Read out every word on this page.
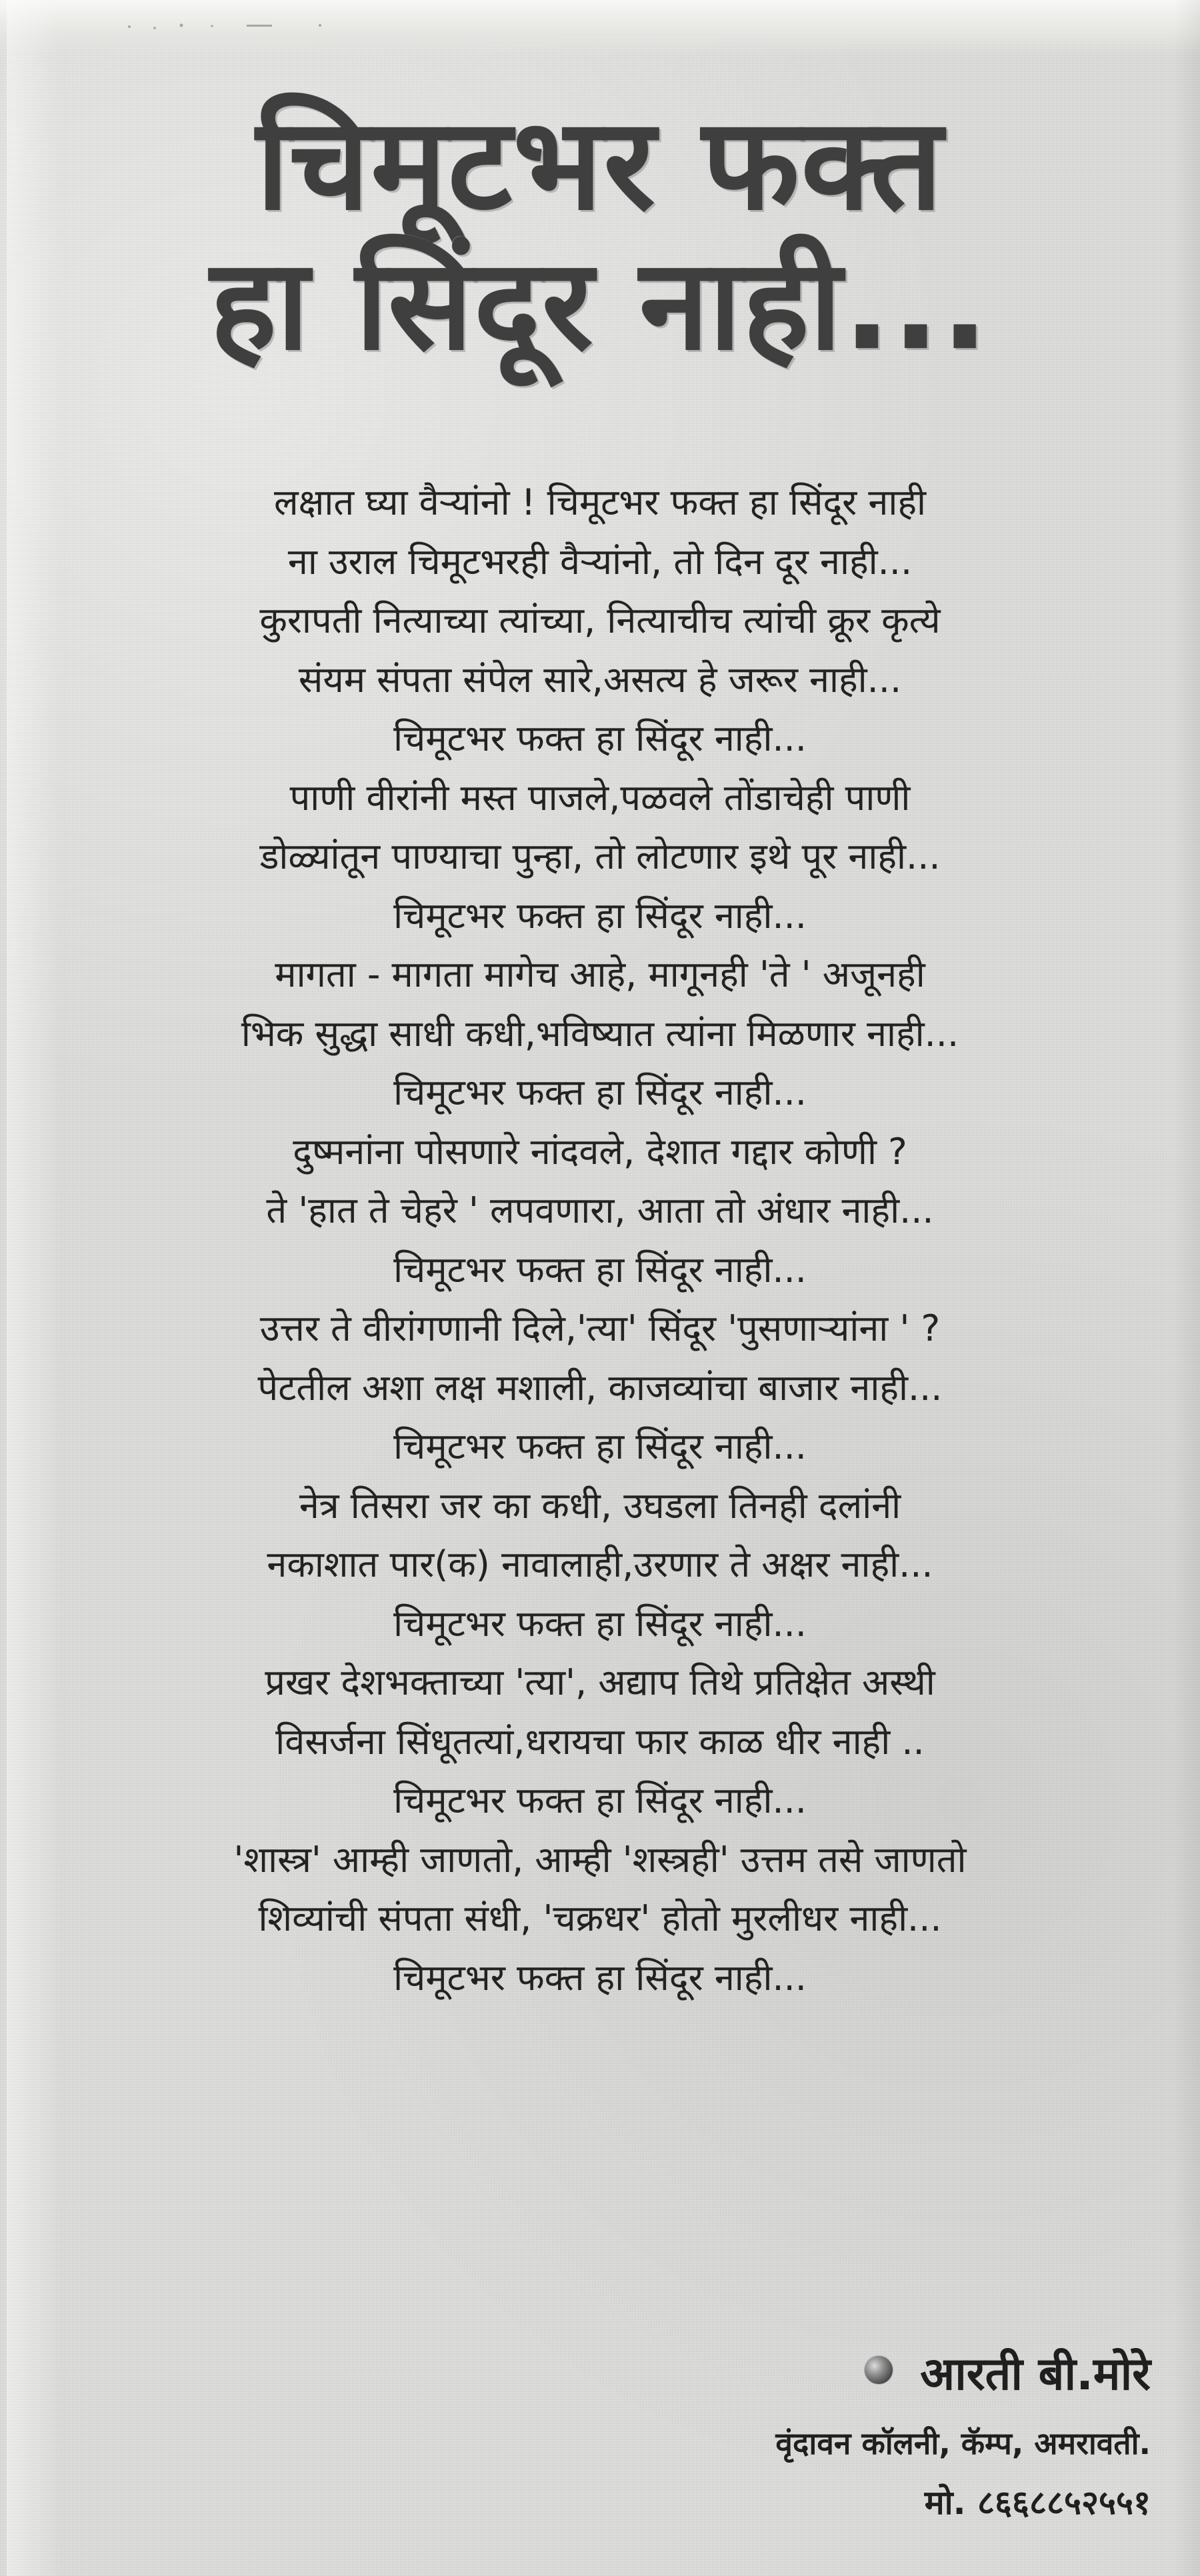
चिमूटभर फक्त
हा सिंदूर नाही...
लक्षात घ्या वैऱ्यांनो ! चिमूटभर फक्त हा सिंदूर नाही
ना उराल चिमूटभरही वैऱ्यांनो, तो दिन दूर नाही...
कुरापती नित्याच्या त्यांच्या, नित्याचीच त्यांची क्रूर कृत्ये
संयम संपता संपेल सारे,असत्य हे जरूर नाही...
चिमूटभर फक्त हा सिंदूर नाही...
पाणी वीरांनी मस्त पाजले,पळवले तोंडाचेही पाणी
डोळ्यांतून पाण्याचा पुन्हा, तो लोटणार इथे पूर नाही...
चिमूटभर फक्त हा सिंदूर नाही...
मागता - मागता मागेच आहे, मागूनही 'ते ' अजूनही
भिक सुद्धा साधी कधी,भविष्यात त्यांना मिळणार नाही...
चिमूटभर फक्त हा सिंदूर नाही...
दुष्मनांना पोसणारे नांदवले, देशात गद्दार कोणी ?
ते 'हात ते चेहरे ' लपवणारा, आता तो अंधार नाही...
चिमूटभर फक्त हा सिंदूर नाही...
उत्तर ते वीरांगणानी दिले,'त्या' सिंदूर 'पुसणाऱ्यांना ' ?
पेटतील अशा लक्ष मशाली, काजव्यांचा बाजार नाही...
चिमूटभर फक्त हा सिंदूर नाही...
नेत्र तिसरा जर का कधी, उघडला तिनही दलांनी
नकाशात पार(क) नावालाही,उरणार ते अक्षर नाही...
चिमूटभर फक्त हा सिंदूर नाही...
प्रखर देशभक्ताच्या 'त्या', अद्याप तिथे प्रतिक्षेत अस्थी
विसर्जना सिंधूतत्यां,धरायचा फार काळ धीर नाही ..
चिमूटभर फक्त हा सिंदूर नाही...
'शास्त्र' आम्ही जाणतो, आम्ही 'शस्त्रही' उत्तम तसे जाणतो
शिव्यांची संपता संधी, 'चक्रधर' होतो मुरलीधर नाही...
चिमूटभर फक्त हा सिंदूर नाही...
आरती बी.मोरे
वृंदावन कॉलनी, कॅम्प, अमरावती.
मो. ८६६८८५२५५१
